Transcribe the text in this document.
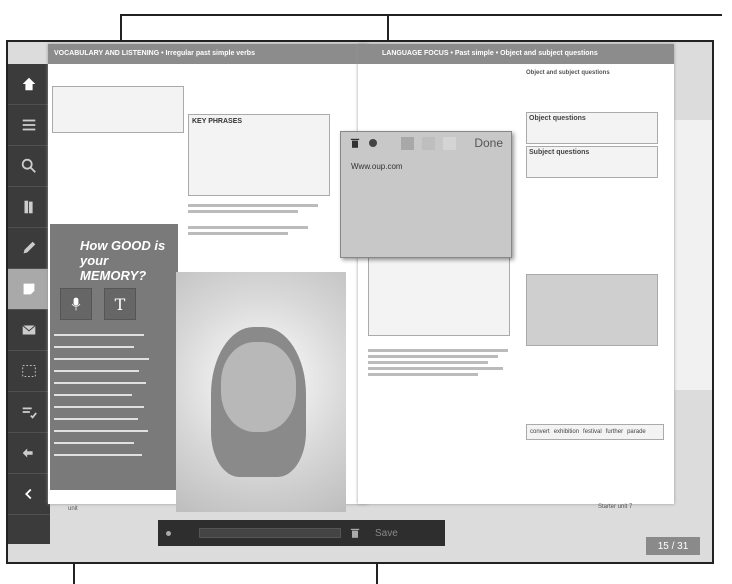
VOCABULARY AND LISTENING • Irregular past simple verbs
KEY PHRASES
unit
How GOOD is your MEMORY?
T
LANGUAGE FOCUS • Past simple • Object and subject questions
Object and subject questions
Object questions
Subject questions
convert exhibition festival further parade
Starter unit 7
Done
Www.oup.com
15 / 31
Save
